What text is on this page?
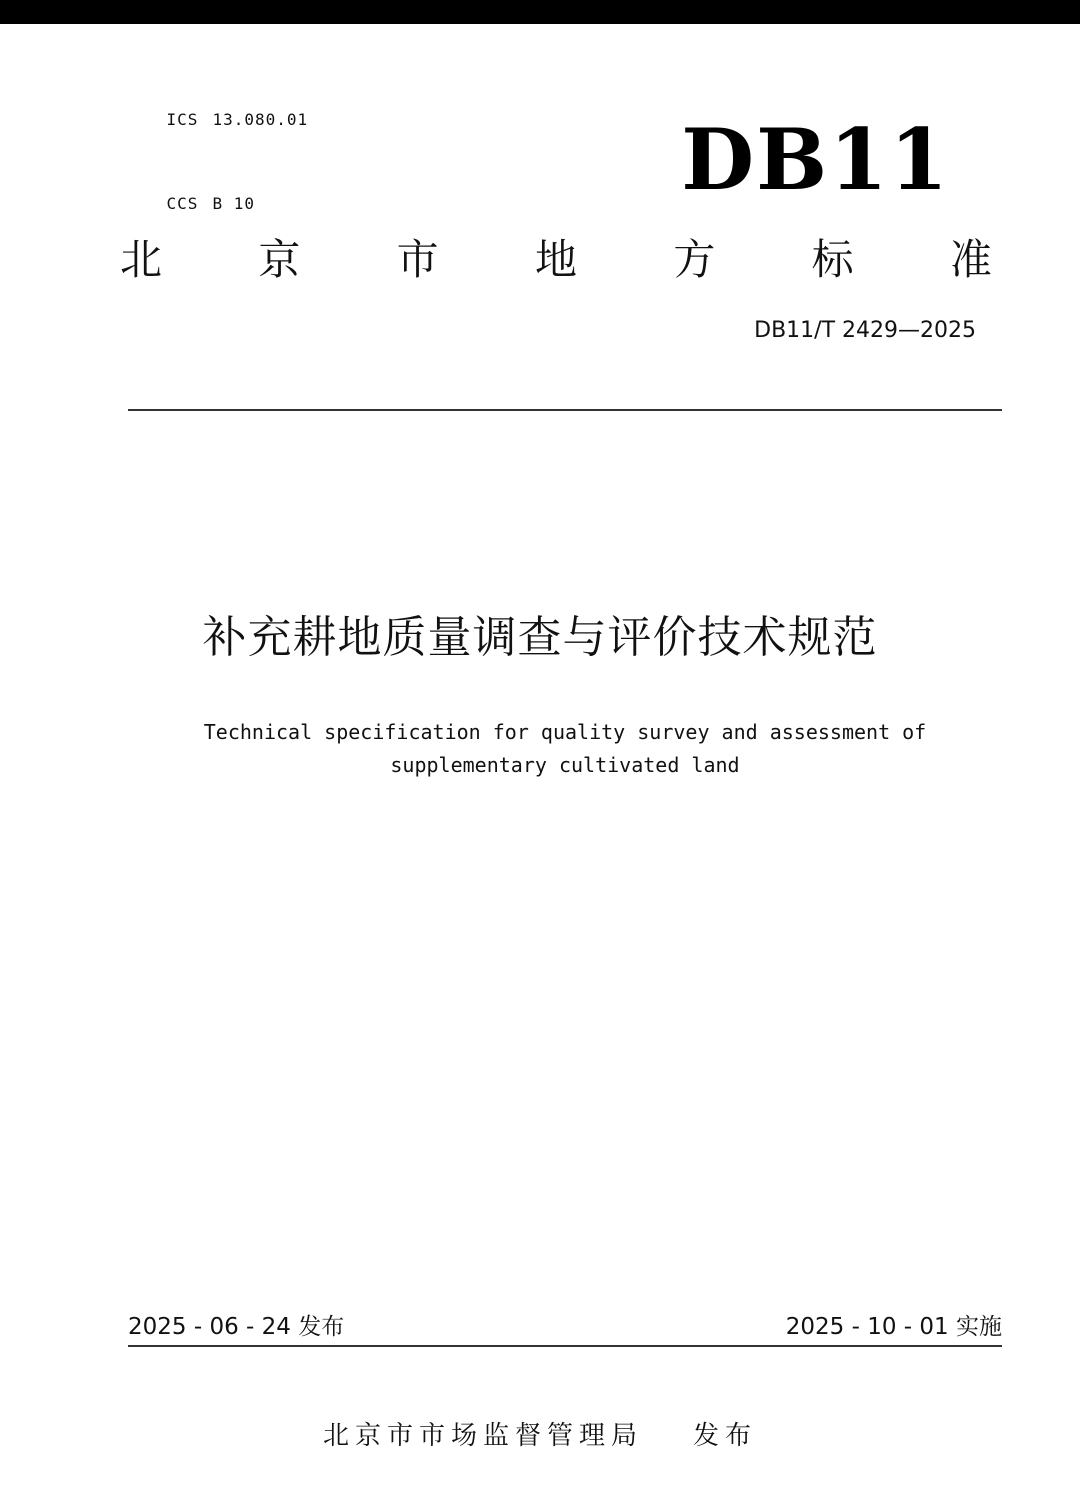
ICS 13.080.01

CCS B 10
	DB11
北 京 市 地 方 标 准
DB11/T 2429—2025
补充耕地质量调查与评价技术规范
Technical specification for quality survey and assessment of
supplementary cultivated land
2025 - 06 - 24 发布	2025 - 10 - 01 实施
北京市市场监督管理局 发布
